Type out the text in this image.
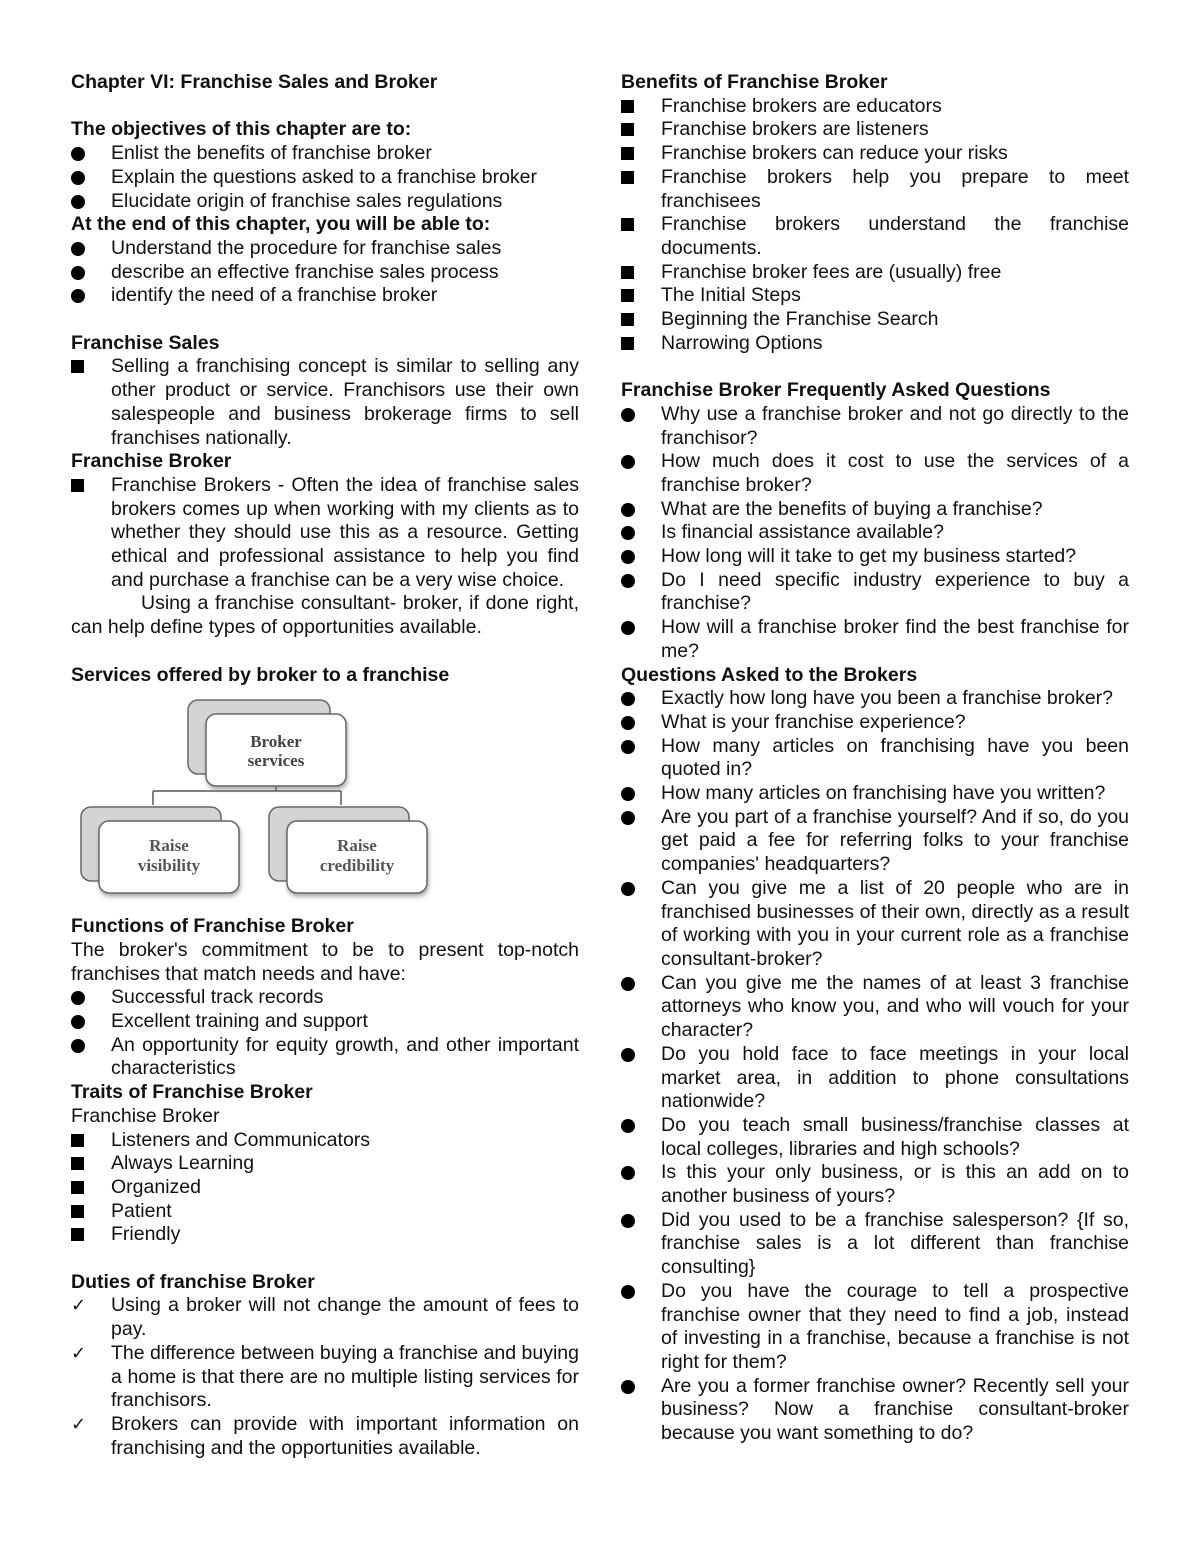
Chapter VI: Franchise Sales and Broker

The objectives of this chapter are to:

Enlist the benefits of franchise broker
Explain the questions asked to a franchise broker
Elucidate origin of franchise sales regulations

At the end of this chapter, you will be able to:

Understand the procedure for franchise sales
describe an effective franchise sales process
identify the need of a franchise broker

Franchise Sales

Selling a franchising concept is similar to selling any other product or service. Franchisors use their own salespeople and business brokerage firms to sell franchises nationally.

Franchise Broker

Franchise Brokers - Often the idea of franchise sales brokers comes up when working with my clients as to whether they should use this as a resource. Getting ethical and professional assistance to help you find and purchase a franchise can be a very wise choice.

Using a franchise consultant- broker, if done right, can help define types of opportunities available.

Services offered by broker to a franchise

Broker
services
Raise
visibility
Raise
credibility

Functions of Franchise Broker

The broker's commitment to be to present top-notch franchises that match needs and have:

Successful track records
Excellent training and support
An opportunity for equity growth, and other important characteristics

Traits of Franchise Broker

Franchise Broker

Listeners and Communicators
Always Learning
Organized
Patient
Friendly

Duties of franchise Broker

✓ Using a broker will not change the amount of fees to pay.
✓ The difference between buying a franchise and buying a home is that there are no multiple listing services for franchisors.
✓ Brokers can provide with important information on franchising and the opportunities available.

Benefits of Franchise Broker

Franchise brokers are educators
Franchise brokers are listeners
Franchise brokers can reduce your risks
Franchise brokers help you prepare to meet franchisees
Franchise brokers understand the franchise documents.
Franchise broker fees are (usually) free
The Initial Steps
Beginning the Franchise Search
Narrowing Options

Franchise Broker Frequently Asked Questions

Why use a franchise broker and not go directly to the franchisor?
How much does it cost to use the services of a franchise broker?
What are the benefits of buying a franchise?
Is financial assistance available?
How long will it take to get my business started?
Do I need specific industry experience to buy a franchise?
How will a franchise broker find the best franchise for me?

Questions Asked to the Brokers

Exactly how long have you been a franchise broker?
What is your franchise experience?
How many articles on franchising have you been quoted in?
How many articles on franchising have you written?
Are you part of a franchise yourself? And if so, do you get paid a fee for referring folks to your franchise companies' headquarters?
Can you give me a list of 20 people who are in franchised businesses of their own, directly as a result of working with you in your current role as a franchise consultant-broker?
Can you give me the names of at least 3 franchise attorneys who know you, and who will vouch for your character?
Do you hold face to face meetings in your local market area, in addition to phone consultations nationwide?
Do you teach small business/franchise classes at local colleges, libraries and high schools?
Is this your only business, or is this an add on to another business of yours?
Did you used to be a franchise salesperson? {If so, franchise sales is a lot different than franchise consulting}
Do you have the courage to tell a prospective franchise owner that they need to find a job, instead of investing in a franchise, because a franchise is not right for them?
Are you a former franchise owner? Recently sell your business? Now a franchise consultant-broker because you want something to do?
